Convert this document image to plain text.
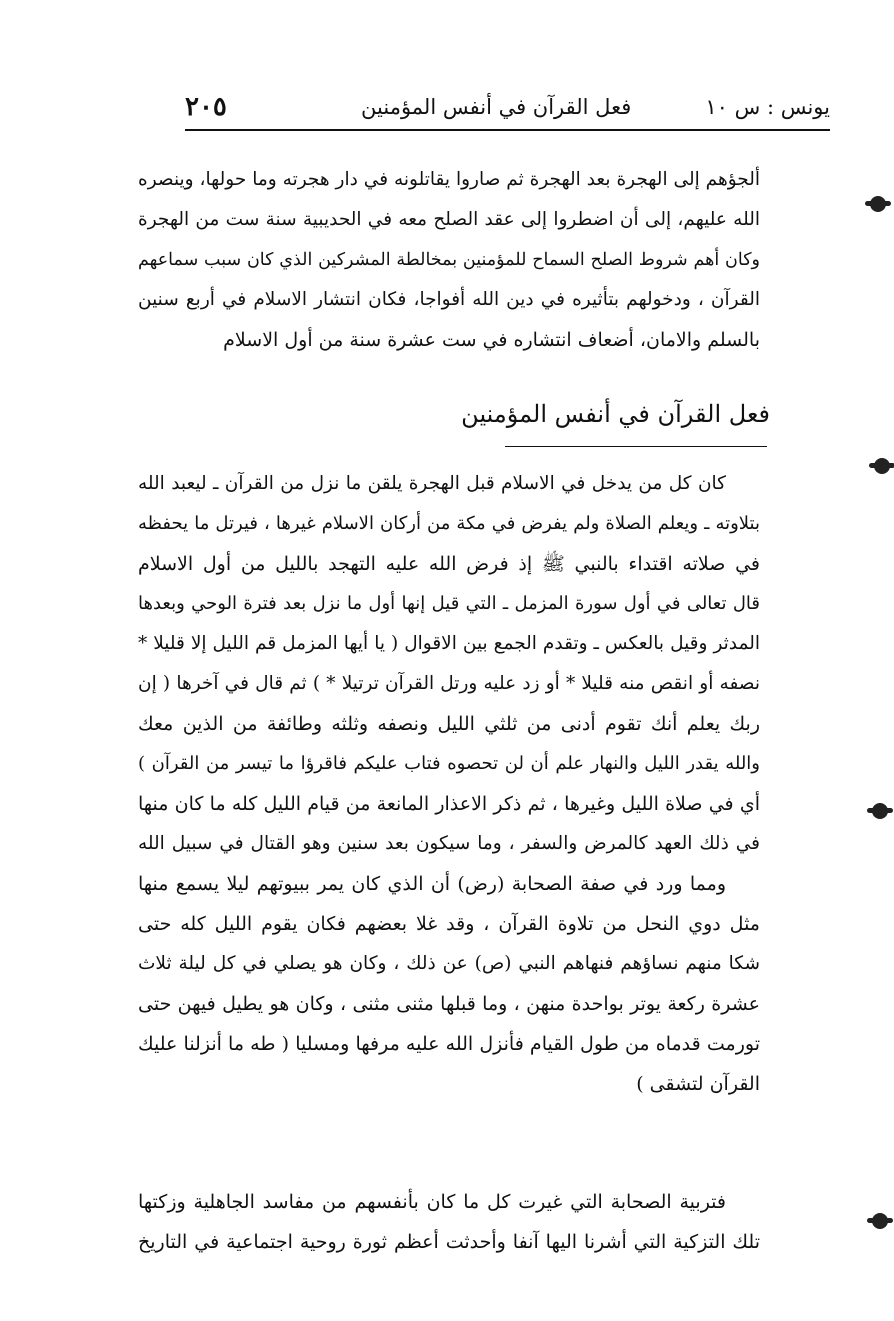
يونس : س ١٠
فعل القرآن في أنفس المؤمنين
٢٠٥
ألجؤهم إلى الهجرة بعد الهجرة ثم صاروا يقاتلونه في دار هجرته وما حولها، وينصره
الله عليهم، إلى أن اضطروا إلى عقد الصلح معه في الحديبية سنة ست من الهجرة
وكان أهم شروط الصلح السماح للمؤمنين بمخالطة المشركين الذي كان سبب سماعهم
القرآن ، ودخولهم بتأثيره في دين الله أفواجا، فكان انتشار الاسلام في أربع سنين
بالسلم والامان، أضعاف انتشاره في ست عشرة سنة من أول الاسلام
فعل القرآن في أنفس المؤمنين
كان كل من يدخل في الاسلام قبل الهجرة يلقن ما نزل من القرآن ـ ليعبد الله
بتلاوته ـ ويعلم الصلاة ولم يفرض في مكة من أركان الاسلام غيرها ، فيرتل ما يحفظه
في صلاته اقتداء بالنبي ﷺ إذ فرض الله عليه التهجد بالليل من أول الاسلام
قال تعالى في أول سورة المزمل ـ التي قيل إنها أول ما نزل بعد فترة الوحي وبعدها
المدثر وقيل بالعكس ـ وتقدم الجمع بين الاقوال ( يا أيها المزمل قم الليل إلا قليلا *
نصفه أو انقص منه قليلا * أو زد عليه ورتل القرآن ترتيلا * ) ثم قال في آخرها ( إن
ربك يعلم أنك تقوم أدنى من ثلثي الليل ونصفه وثلثه وطائفة من الذين معك
والله يقدر الليل والنهار علم أن لن تحصوه فتاب عليكم فاقرؤا ما تيسر من القرآن )
أي في صلاة الليل وغيرها ، ثم ذكر الاعذار المانعة من قيام الليل كله ما كان منها
في ذلك العهد كالمرض والسفر ، وما سيكون بعد سنين وهو القتال في سبيل الله
ومما ورد في صفة الصحابة (رض) أن الذي كان يمر ببيوتهم ليلا يسمع منها
مثل دوي النحل من تلاوة القرآن ، وقد غلا بعضهم فكان يقوم الليل كله حتى
شكا منهم نساؤهم فنهاهم النبي (ص) عن ذلك ، وكان هو يصلي في كل ليلة ثلاث
عشرة ركعة يوتر بواحدة منهن ، وما قبلها مثنى مثنى ، وكان هو يطيل فيهن حتى
تورمت قدماه من طول القيام فأنزل الله عليه مرفها ومسليا ( طه ما أنزلنا عليك
القرآن لتشقى )
فتربية الصحابة التي غيرت كل ما كان بأنفسهم من مفاسد الجاهلية وزكتها
تلك التزكية التي أشرنا اليها آنفا وأحدثت أعظم ثورة روحية اجتماعية في التاريخ
